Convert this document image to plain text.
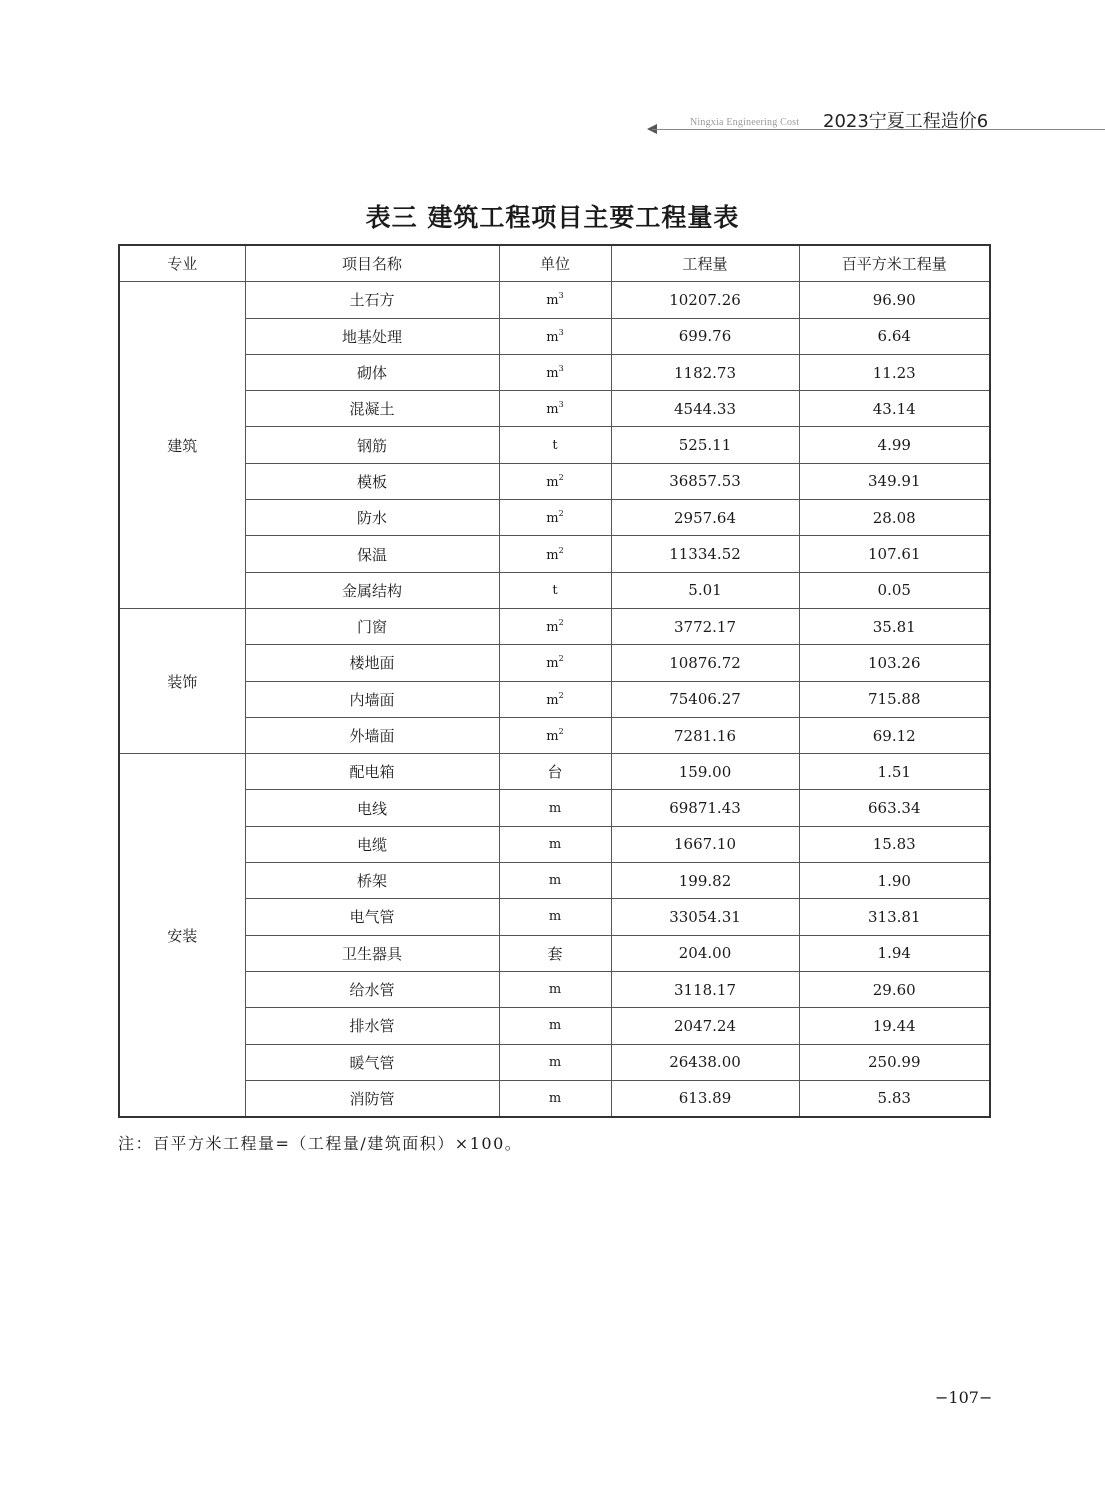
Ningxia Engineering Cost 2023宁夏工程造价6
表三 建筑工程项目主要工程量表
专业	项目名称	单位	工程量	百平方米工程量
建筑	土石方	$m^3$	10207.26	96.90
	地基处理	$m^3$	699.76	6.64
	砌体	$m^3$	1182.73	11.23
	混凝土	$m^3$	4544.33	43.14
	钢筋	t	525.11	4.99
	模板	$m^2$	36857.53	349.91
	防水	$m^2$	2957.64	28.08
	保温	$m^2$	11334.52	107.61
	金属结构	t	5.01	0.05
装饰	门窗	$m^2$	3772.17	35.81
	楼地面	$m^2$	10876.72	103.26
	内墙面	$m^2$	75406.27	715.88
	外墙面	$m^2$	7281.16	69.12
安装	配电箱	台	159.00	1.51
	电线	m	69871.43	663.34
	电缆	m	1667.10	15.83
	桥架	m	199.82	1.90
	电气管	m	33054.31	313.81
	卫生器具	套	204.00	1.94
	给水管	m	3118.17	29.60
	排水管	m	2047.24	19.44
	暖气管	m	26438.00	250.99
	消防管	m	613.89	5.83
注：百平方米工程量=（工程量/建筑面积）×100。
−107−
